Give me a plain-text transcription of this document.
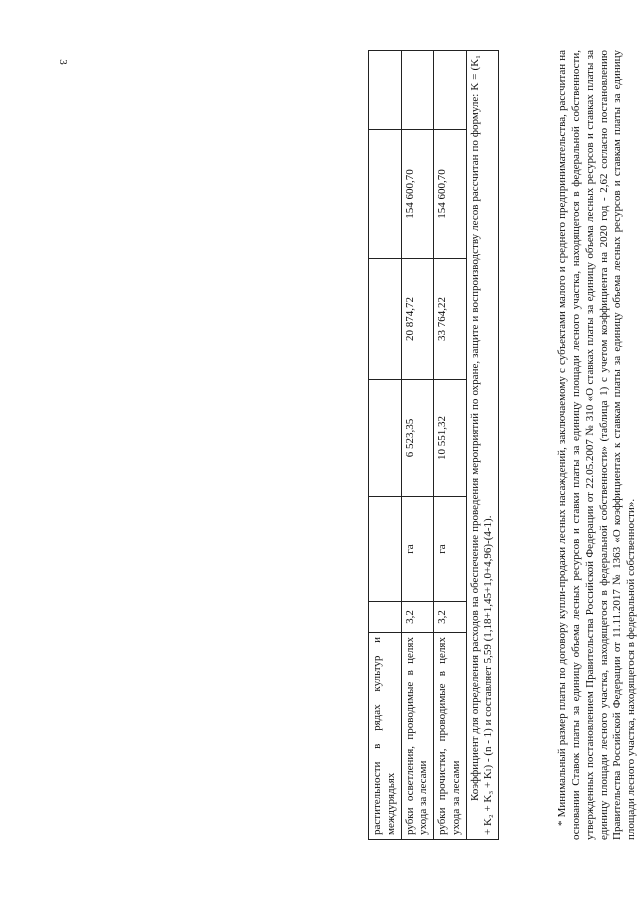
3
растительности в рядах культур и междурядьях						
рубки осветления, проводимые в целях ухода за лесами	3,2	га	6 523,35	20 874,72	154 600,70	
рубки прочистки, проводимые в целях ухода за лесами	3,2	га	10 551,32	33 764,22	154 600,70	

Коэффициент для определения расходов на обеспечение проведения мероприятий по охране, защите и воспроизводству лесов рассчитан по формуле: K = (K₁ + K₂ + K₃ + Kₗ) - (n - 1) и составляет 5,59 (1,18+1,45+1,0+4,96)-(4-1).							* Минимальный размер платы по договору купли-продажи лесных насаждений, заключаемому с субъектами малого и среднего предпринимательства, рассчитан на основании Ставок платы за единицу объема лесных ресурсов и ставки платы за единицу площади лесного участка, находящегося в федеральной собственности, утвержденных постановлением Правительства Российской Федерации от 22.05.2007 № 310 «О ставках платы за единицу объема лесных ресурсов и ставках платы за единицу площади лесного участка, находящегося в федеральной собственности» (таблица 1) с учетом коэффициента на 2020 год - 2,62 согласно постановлению Правительства Российской Федерации от 11.11.2017 № 1363 «О коэффициентах к ставкам платы за единицу объема лесных ресурсов и ставкам платы за единицу площади лесного участка, находящегося в федеральной собственности».
